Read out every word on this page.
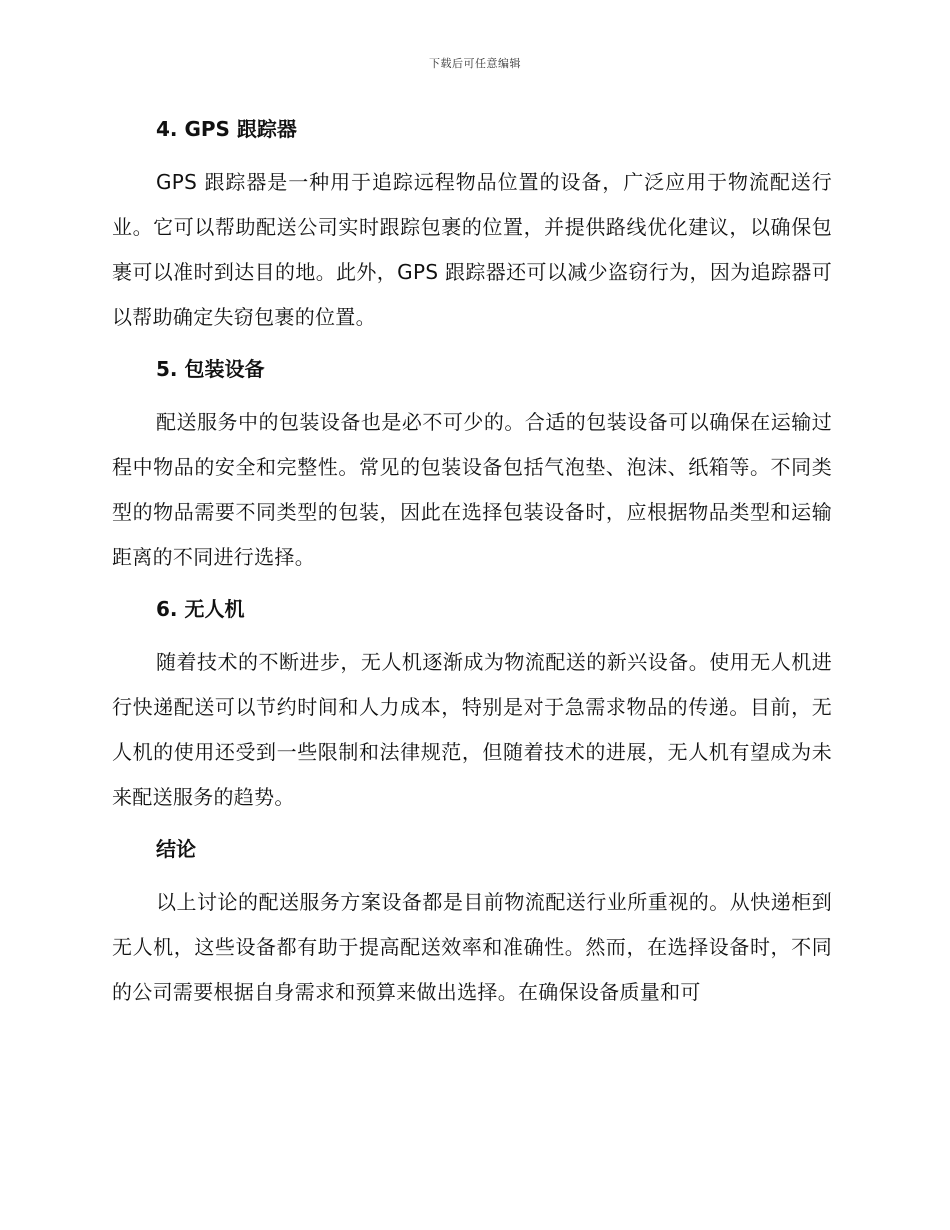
下载后可任意编辑
4. GPS 跟踪器

GPS 跟踪器是一种用于追踪远程物品位置的设备，广泛应用于物流配送行业。它可以帮助配送公司实时跟踪包裹的位置，并提供路线优化建议，以确保包裹可以准时到达目的地。此外，GPS 跟踪器还可以减少盗窃行为，因为追踪器可以帮助确定失窃包裹的位置。

5. 包装设备

配送服务中的包装设备也是必不可少的。合适的包装设备可以确保在运输过程中物品的安全和完整性。常见的包装设备包括气泡垫、泡沫、纸箱等。不同类型的物品需要不同类型的包装，因此在选择包装设备时，应根据物品类型和运输距离的不同进行选择。

6. 无人机

随着技术的不断进步，无人机逐渐成为物流配送的新兴设备。使用无人机进行快递配送可以节约时间和人力成本，特别是对于急需求物品的传递。目前，无人机的使用还受到一些限制和法律规范，但随着技术的进展，无人机有望成为未来配送服务的趋势。

结论

以上讨论的配送服务方案设备都是目前物流配送行业所重视的。从快递柜到无人机，这些设备都有助于提高配送效率和准确性。然而，在选择设备时，不同的公司需要根据自身需求和预算来做出选择。在确保设备质量和可
